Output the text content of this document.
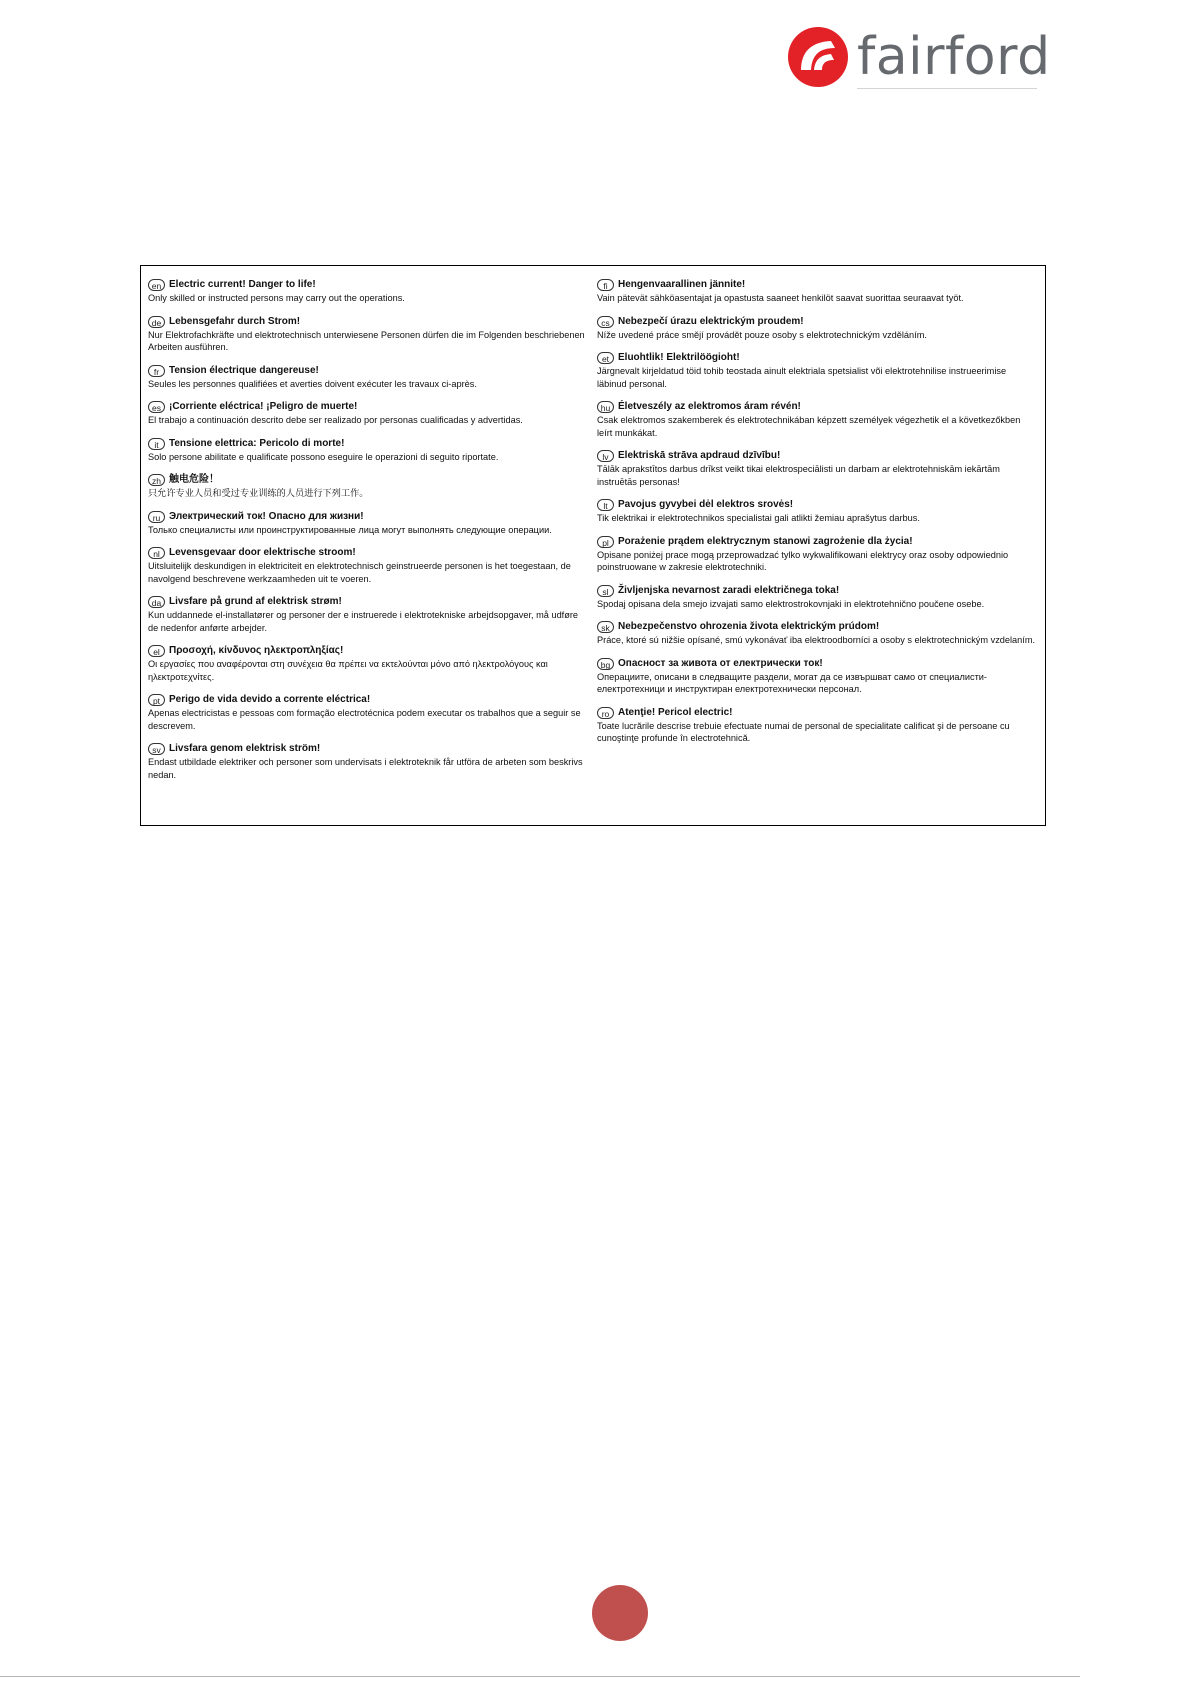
fairford
en Electric current! Danger to life!
Only skilled or instructed persons may carry out the operations.
de Lebensgefahr durch Strom!
Nur Elektrofachkräfte und elektrotechnisch unterwiesene Personen dürfen die im Folgenden beschriebenen Arbeiten ausführen.
fr Tension électrique dangereuse!
Seules les personnes qualifiées et averties doivent exécuter les travaux ci-après.
es ¡Corriente eléctrica! ¡Peligro de muerte!
El trabajo a continuación descrito debe ser realizado por personas cualificadas y advertidas.
it	Tensione elettrica: Pericolo di morte!
Solo persone abilitate e qualificate possono eseguire le operazioni di seguito riportate.
zh 触电危险！
只允许专业人员和受过专业训练的人员进行下列工作。
ru Электрический ток! Опасно для жизни!
Только специалисты или проинструктированные лица могут выполнять следующие операции.
nl Levensgevaar door elektrische stroom!
Uitsluitelijk deskundigen in elektriciteit en elektrotechnisch geinstrueerde personen is het toegestaan, de navolgend beschrevene werkzaamheden uit te voeren.
da Livsfare på grund af elektrisk strøm!
Kun uddannede el-installatører og personer der e instruerede i elektrotekniske arbejdsopgaver, må udføre de nedenfor anførte arbejder.
el Προσοχή, κίνδυνος ηλεκτροπληξίας!
Οι εργασίες που αναφέρονται στη συνέχεια θα πρέπει να εκτελούνται μόνο από ηλεκτρολόγους και ηλεκτροτεχνίτες.
pt Perigo de vida devido a corrente eléctrica!
Apenas electricistas e pessoas com formação electrotécnica podem executar os trabalhos que a seguir se descrevem.
sv Livsfara genom elektrisk ström!
Endast utbildade elektriker och personer som undervisats i elektroteknik får utföra de arbeten som beskrivs nedan.
fi	Hengenvaarallinen jännite!
Vain pätevät sähköasentajat ja opastusta saaneet henkilöt saavat suorittaa seuraavat työt.
cs Nebezpečí úrazu elektrickým proudem!
Níže uvedené práce smějí provádět pouze osoby s elektrotechnickým vzděláním.
et Eluohtlik! Elektrilöögioht!
Järgnevalt kirjeldatud töid tohib teostada ainult elektriala spetsialist või elektrotehnilise instrueerimise läbinud personal.
hu Életveszély az elektromos áram révén!
Csak elektromos szakemberek és elektrotechnikában képzett személyek végezhetik el a következőkben leírt munkákat.
lv Elektriskā strāva apdraud dzīvību!
Tālāk aprakstītos darbus drīkst veikt tikai elektrospeciālisti un darbam ar elektrotehniskām iekārtām instruētās personas!
lt	Pavojus gyvybei dėl elektros srovės!
Tik elektrikai ir elektrotechnikos specialistai gali atlikti žemiau aprašytus darbus.
pl Porażenie prądem elektrycznym stanowi zagrożenie dla życia!
Opisane poniżej prace mogą przeprowadzać tylko wykwalifikowani elektrycy oraz osoby odpowiednio poinstruowane w zakresie elektrotechniki.
sl Življenjska nevarnost zaradi električnega toka!
Spodaj opisana dela smejo izvajati samo elektrostrokovnjaki in elektrotehnično poučene osebe.
sk Nebezpečenstvo ohrozenia života elektrickým prúdom!
Práce, ktoré sú nižšie opísané, smú vykonávať iba elektroodborníci a osoby s elektrotechnickým vzdelaním.
bg Опасност за живота от електрически ток!
Операциите, описани в следващите раздели, могат да се извършват само от специалисти-електротехници и инструктиран електротехнически персонал.
ro Atenţie! Pericol electric!
Toate lucrările descrise trebuie efectuate numai de personal de specialitate calificat şi de persoane cu cunoştinţe profunde în electrotehnică.
